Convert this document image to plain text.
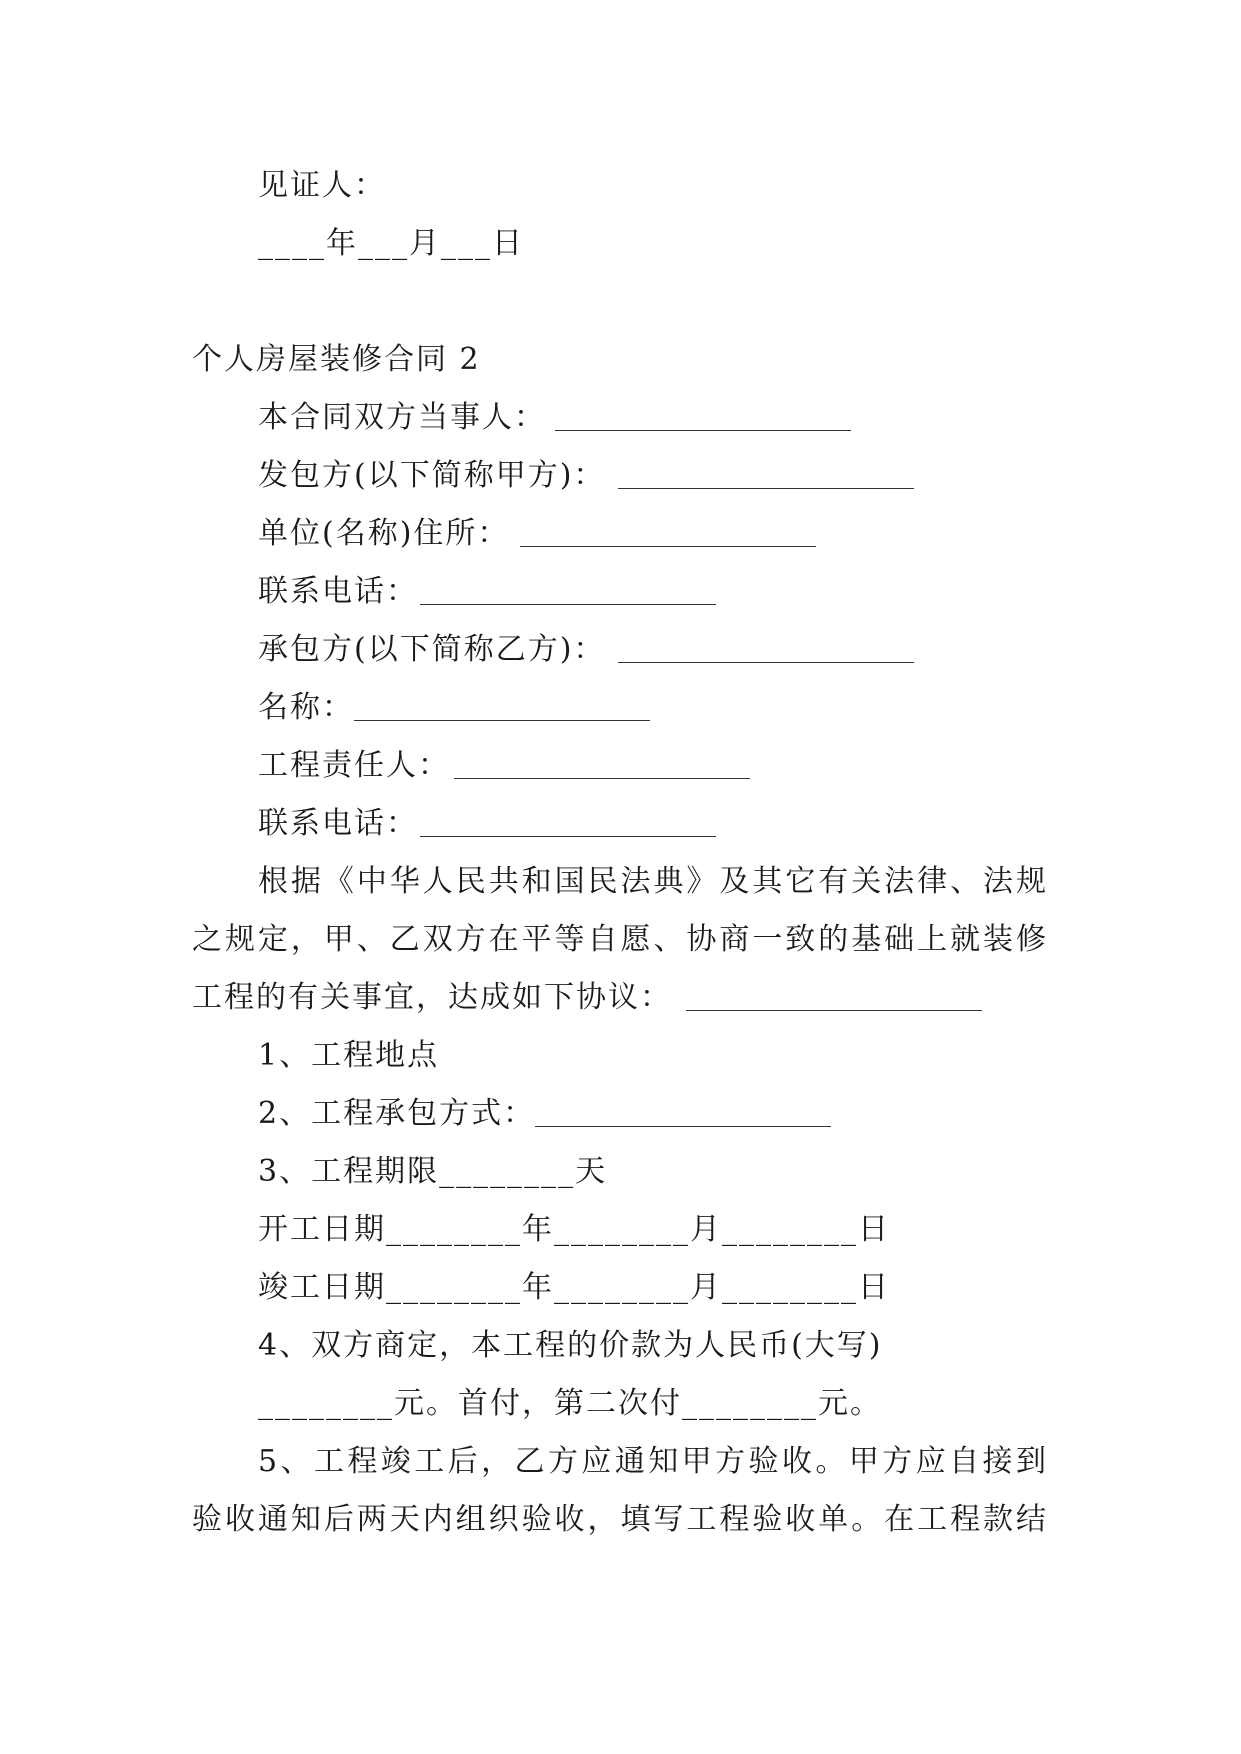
见证人：
____年___月___日
个人房屋装修合同 2
本合同双方当事人：
发包方(以下简称甲方)：
单位(名称)住所：
联系电话：
承包方(以下简称乙方)：
名称：
工程责任人：
联系电话：
根据《中华人民共和国民法典》及其它有关法律、法规
之规定，甲、乙双方在平等自愿、协商一致的基础上就装修
工程的有关事宜，达成如下协议：
1、工程地点
2、工程承包方式：
3、工程期限________天
开工日期________年________月________日
竣工日期________年________月________日
4、双方商定，本工程的价款为人民币(大写)
________元。首付，第二次付________元。
5、工程竣工后，乙方应通知甲方验收。甲方应自接到
验收通知后两天内组织验收，填写工程验收单。在工程款结
